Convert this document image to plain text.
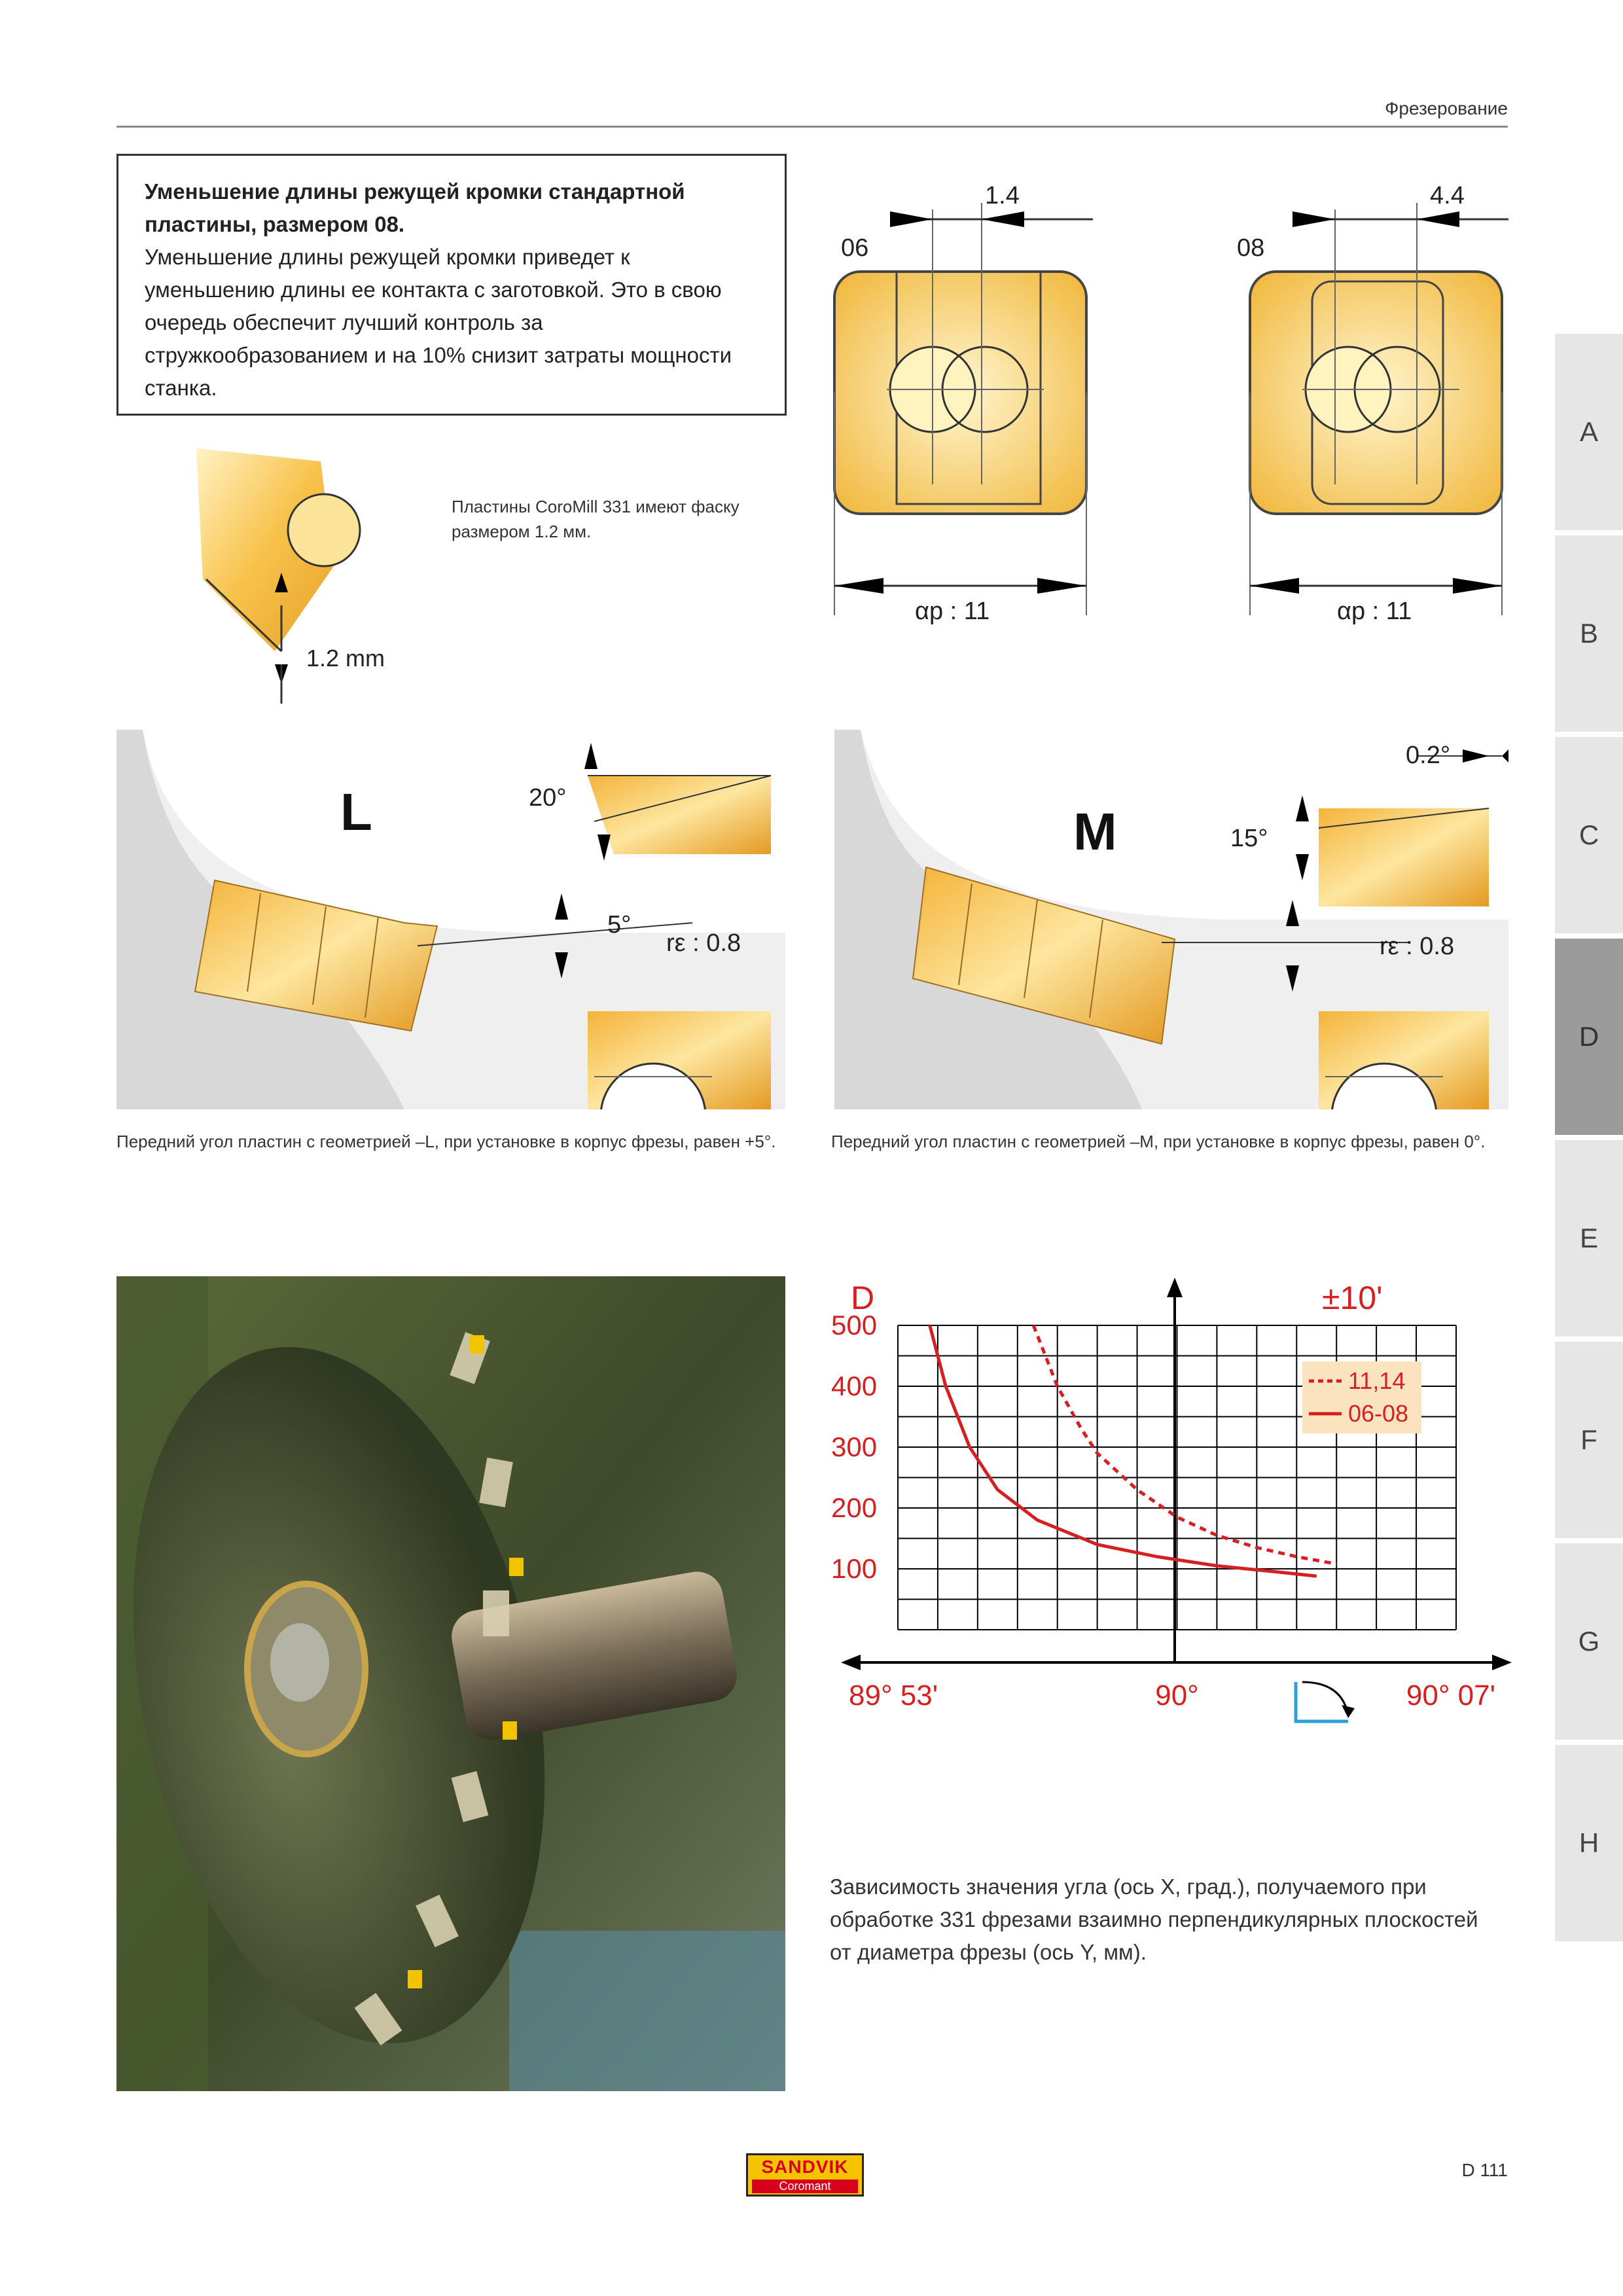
Фрезерование
Уменьшение длины режущей кромки стандартной пластины, размером 08.
Уменьшение длины режущей кромки приведет к уменьшению длины ее контакта с заготовкой. Это в свою очередь обеспечит лучший контроль за стружкообразованием и на 10% снизит затраты мощности станка.
1.2 mm
Пластины CoroMill 331 имеют фаску размером 1.2 мм.
1.4
06
αp : 11
4.4
08
αp : 11
L	20°
5°
rε : 0.8
Передний угол пластин с геометрией –L, при установке в корпус фрезы, равен +5°.
M	15°
0.2°
rε : 0.8
Передний угол пластин с геометрией –M, при установке в корпус фрезы, равен 0°.
D	±10'
500
400
300
200
100
89° 53'	90°	90° 07'
11,14
06-08
Зависимость значения угла (ось X, град.), получаемого при обработке 331 фрезами взаимно перпендикулярных плоскостей от диаметра фрезы (ось Y, мм).
A
B
C
D
E
F
G
H
SANDVIK
Coromant
D 111
